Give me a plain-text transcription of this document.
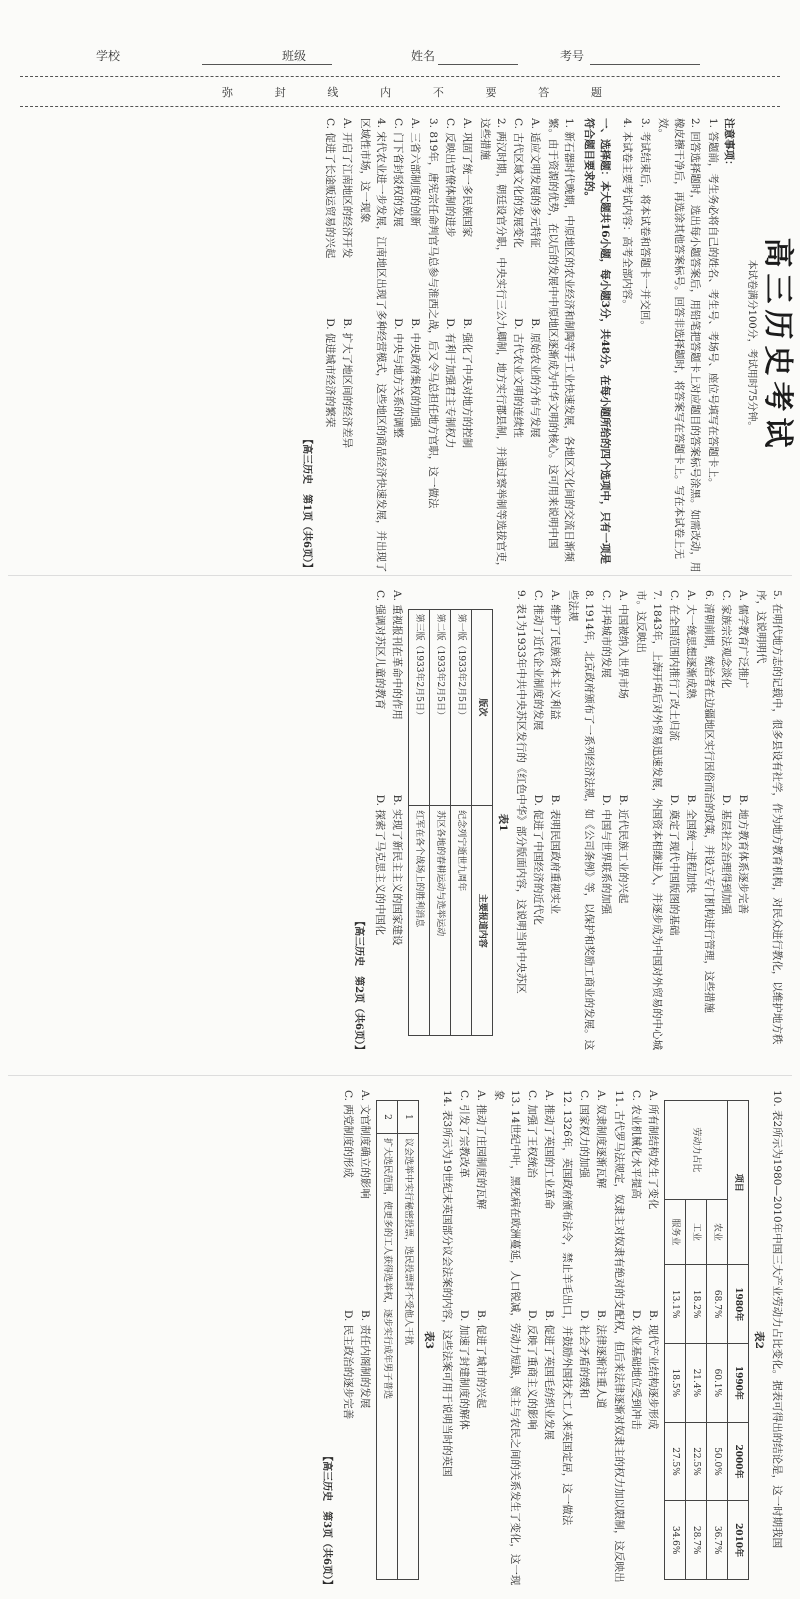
学校	班级	姓名	考号
弥	封	线	内	不	要	答	题
高三历史考试
本试卷满分100分，考试用时75分钟。
注意事项：
1. 答题前，考生务必将自己的姓名、考生号、考场号、座位号填写在答题卡上。
2. 回答选择题时，选出每小题答案后，用铅笔把答题卡上对应题目的答案标号涂黑。如需改动，用橡皮擦干净后，再选涂其他答案标号。回答非选择题时，将答案写在答题卡上。写在本试卷上无效。
3. 考试结束后，将本试卷和答题卡一并交回。
4. 本试卷主要考试内容：高考全部内容。
一、选择题：本大题共16小题，每小题3分，共48分。在每小题所给的四个选项中，只有一项是符合题目要求的。
1. 新石器时代晚期，中原地区的农业经济和制陶等手工业快速发展，各地区文化间的交流日渐频繁。由于资源的优势，在以后的发展中中原地区逐渐成为中华文明的核心。这可用来说明中国
A. 适应文明发展的多元特征B. 原始农业的分布与发展
C. 古代区域文化的发展变化D. 古代农业文明的连续性
2. 两汉时期，朝廷设官分职，中央实行三公九卿制，地方实行郡县制，并通过察举制等选拔官吏，这些措施
A. 巩固了统一多民族国家B. 强化了中央对地方的控制
C. 反映出官僚体制的进步D. 有利于加强君主专制权力
3. 819年，唐宪宗任命判官马总参与淮西之战，后又令马总担任地方官职，这一做法
A. 三省六部制度的创新B. 中央政府集权的加强
C. 门下省封驳权的发展D. 中央与地方关系的调整
4. 宋代农业进一步发展，江南地区出现了多种经营模式，这些地区的商品经济快速发展，并出现了区域性市场，这一现象
A. 开启了江南地区的经济开发B. 扩大了地区间的经济差异
C. 促进了长途贩运贸易的兴起D. 促进城市经济的繁荣
【高三历史　第1页（共6页）】
5. 在明代地方志的记载中，很多县设有社学，作为地方教育机构，对民众进行教化，以维护地方秩序，这说明明代
A. 儒学教育广泛推广B. 地方教育体系逐步完善
C. 家族宗法观念淡化D. 基层社会治理得到加强
6. 清朝前期，统治者在边疆地区实行因俗而治的政策，并设立专门机构进行管理，这些措施
A. 大一统思想逐渐成熟B. 全国统一进程加快
C. 在全国范围内推行了改土归流D. 奠定了现代中国版图的基础
7. 1843年，上海开埠后对外贸易迅速发展，外国资本相继进入，并逐步成为中国对外贸易的中心城市。这反映出
A. 中国被纳入世界市场B. 近代民族工业的兴起
C. 开埠城市的发展D. 中国与世界联系的加强
8. 1914年，北京政府颁布了一系列经济法规，如《公司条例》等，以保护和奖励工商业的发展。这些法规
A. 维护了民族资本主义利益B. 表明民国政府重视实业
C. 推动了近代企业制度的发展D. 促进了中国经济的近代化
9. 表1为1933年中共中央苏区发行的《红色中华》部分版面内容，这说明当时中央苏区
表1
版次	主要报道内容
第一版（1933年2月5日）	纪念列宁逝世九周年
第二版（1933年2月5日）	苏区各地的春耕运动与选举运动
第三版（1933年2月5日）	红军在各个战场上的胜利消息
A. 重视报刊在革命中的作用B. 实现了新民主主义的国家建设
C. 强调对苏区儿童的教育D. 探索了马克思主义的中国化
【高三历史　第2页（共6页）】
10. 表2所示为1980—2010年中国三大产业劳动力占比变化。据表可得出的结论是，这一时期我国
表2
项目		1980年	1990年	2000年	2010年
劳动力占比	农业	68.7%	60.1%	50.0%	36.7%
	工业	18.2%	21.4%	22.5%	28.7%
	服务业	13.1%	18.5%	27.5%	34.6%
A. 所有制结构发生了变化B. 现代产业结构逐步形成
C. 农业机械化水平提高D. 农业基础地位受到冲击
11. 古代罗马法规定，奴隶主对奴隶有绝对的支配权，但后来法律逐渐对奴隶主的权力加以限制，这反映出
A. 奴隶制度逐渐瓦解B. 法律逐渐注重人道
C. 国家权力的加强D. 社会矛盾的缓和
12. 1326年，英国政府颁布法令，禁止羊毛出口，并鼓励外国技术工人来英国定居，这一做法
A. 推动了英国的工业革命B. 促进了英国毛纺织业发展
C. 加强了王权统治D. 反映了重商主义的影响
13. 14世纪中叶，黑死病在欧洲蔓延，人口锐减，劳动力短缺，领主与农民之间的关系发生了变化，这一现象
A. 推动了庄园制度的瓦解B. 促进了城市的兴起
C. 引发了宗教改革D. 加速了封建制度的解体
14. 表3所示为19世纪末英国部分议会法案的内容，这些法案可用于说明当时的英国
表3
1	议会选举中实行秘密投票，选民投票时不受他人干扰
2	扩大选民范围，使更多的工人获得选举权，逐步实行成年男子普选
A. 文官制度确立的影响B. 责任内阁制的发展
C. 两党制度的形成D. 民主政治的逐步完善
【高三历史　第3页（共6页）】
